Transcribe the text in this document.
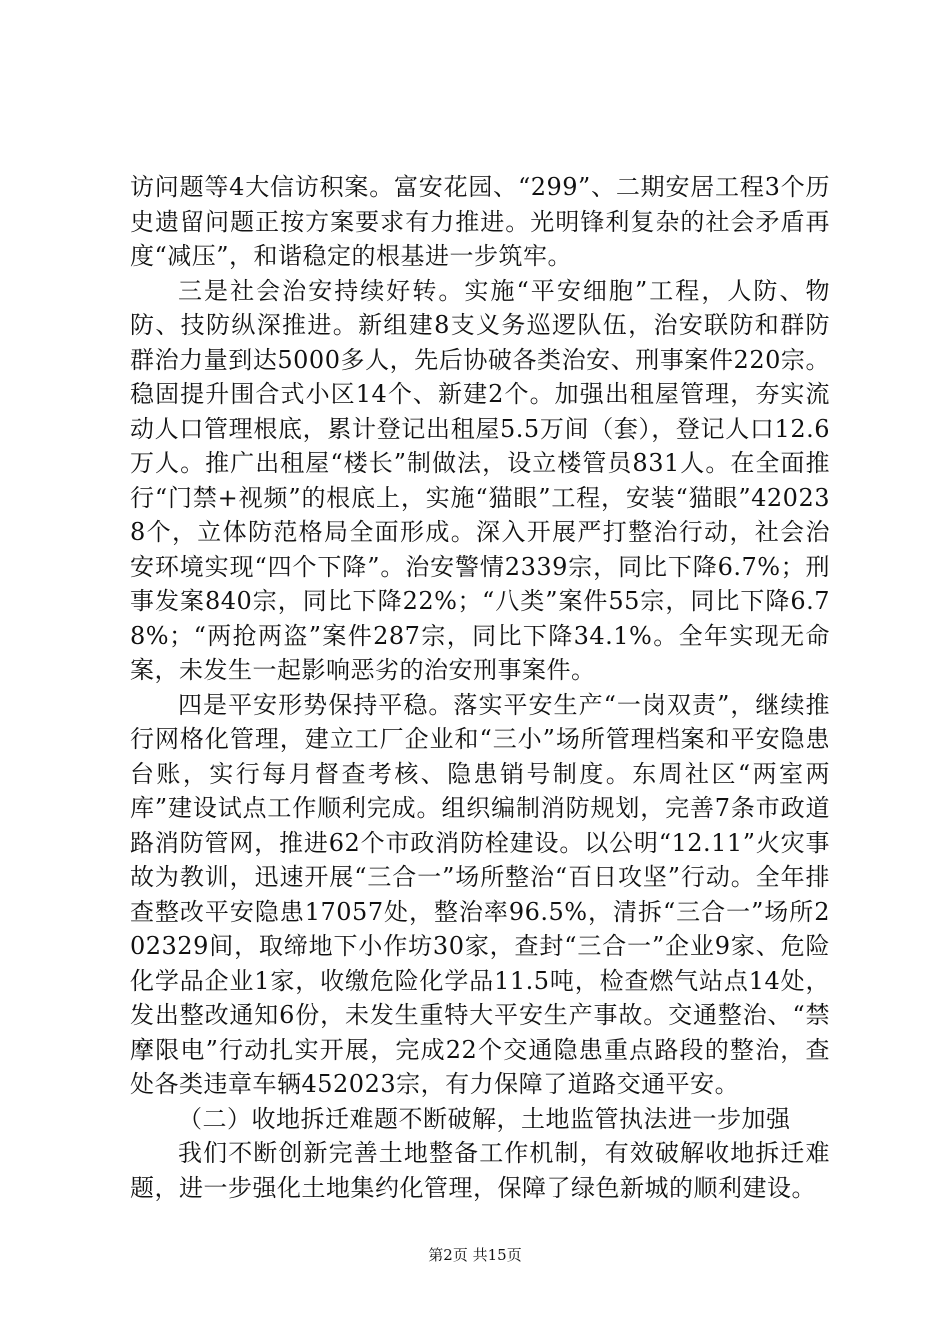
访问题等4大信访积案。富安花园、“299”、二期安居工程3个历史遗留问题正按方案要求有力推进。光明锋利复杂的社会矛盾再度“减压”，和谐稳定的根基进一步筑牢。

三是社会治安持续好转。实施“平安细胞”工程，人防、物防、技防纵深推进。新组建8支义务巡逻队伍，治安联防和群防群治力量到达5000多人，先后协破各类治安、刑事案件220宗。稳固提升围合式小区14个、新建2个。加强出租屋管理，夯实流动人口管理根底，累计登记出租屋5.5万间（套），登记人口12.6万人。推广出租屋“楼长”制做法，设立楼管员831人。在全面推行“门禁+视频”的根底上，实施“猫眼”工程，安装“猫眼”420238个，立体防范格局全面形成。深入开展严打整治行动，社会治安环境实现“四个下降”。治安警情2339宗，同比下降6.7%；刑事发案840宗，同比下降22%；“八类”案件55宗，同比下降6.78%；“两抢两盗”案件287宗，同比下降34.1%。全年实现无命案，未发生一起影响恶劣的治安刑事案件。

四是平安形势保持平稳。落实平安生产“一岗双责”，继续推行网格化管理，建立工厂企业和“三小”场所管理档案和平安隐患台账，实行每月督查考核、隐患销号制度。东周社区“两室两库”建设试点工作顺利完成。组织编制消防规划，完善7条市政道路消防管网，推进62个市政消防栓建设。以公明“12.11”火灾事故为教训，迅速开展“三合一”场所整治“百日攻坚”行动。全年排查整改平安隐患17057处，整治率96.5%，清拆“三合一”场所202329间，取缔地下小作坊30家，查封“三合一”企业9家、危险化学品企业1家，收缴危险化学品11.5吨，检查燃气站点14处，发出整改通知6份，未发生重特大平安生产事故。交通整治、“禁摩限电”行动扎实开展，完成22个交通隐患重点路段的整治，查处各类违章车辆452023宗，有力保障了道路交通平安。

（二）收地拆迁难题不断破解，土地监管执法进一步加强

我们不断创新完善土地整备工作机制，有效破解收地拆迁难题，进一步强化土地集约化管理，保障了绿色新城的顺利建设。

第2页 共15页
